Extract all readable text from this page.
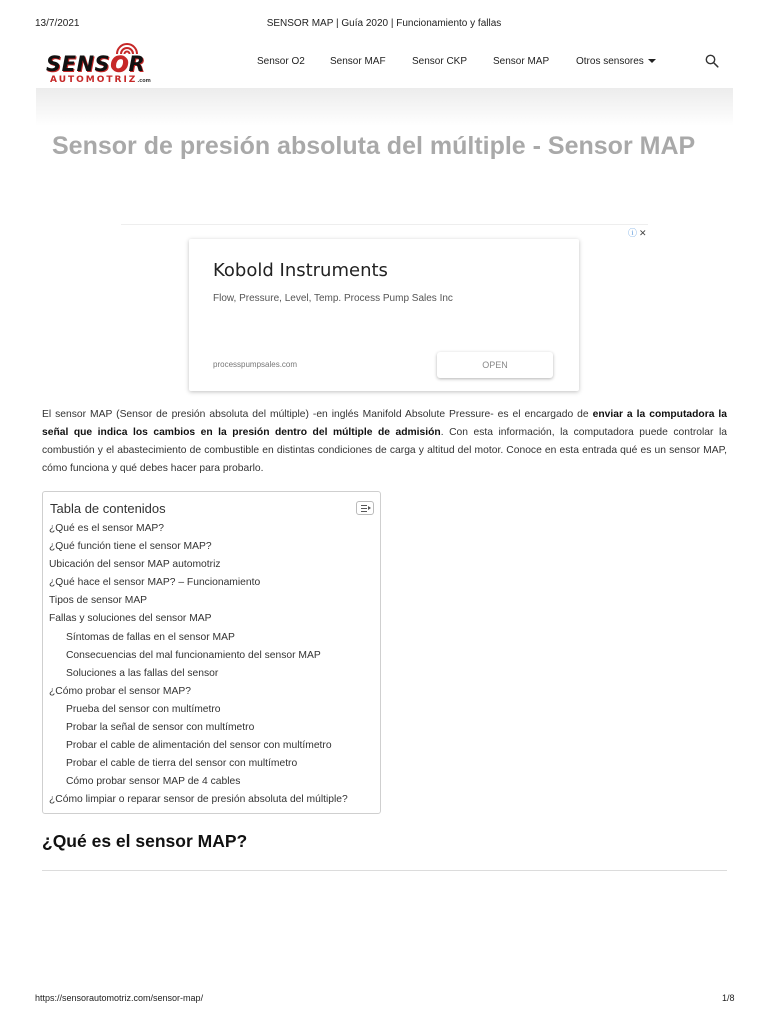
13/7/2021	SENSOR MAP | Guía 2020 | Funcionamiento y fallas
SENSOR
AUTOMOTRIZ.com
Sensor O2	Sensor MAF	Sensor CKP	Sensor MAP	Otros sensores
Sensor de presión absoluta del múltiple - Sensor MAP
ⓘ ✕
Kobold Instruments
Flow, Pressure, Level, Temp. Process Pump Sales Inc
processpumpsales.com	OPEN

El sensor MAP (Sensor de presión absoluta del múltiple) -en inglés Manifold Absolute Pressure- es el encargado de enviar a la computadora la señal que indica los cambios en la presión dentro del múltiple de admisión. Con esta información, la computadora puede controlar la combustión y el abastecimiento de combustible en distintas condiciones de carga y altitud del motor. Conoce en esta entrada qué es un sensor MAP, cómo funciona y qué debes hacer para probarlo.

Tabla de contenidos
¿Qué es el sensor MAP?
¿Qué función tiene el sensor MAP?
Ubicación del sensor MAP automotriz
¿Qué hace el sensor MAP? – Funcionamiento
Tipos de sensor MAP
Fallas y soluciones del sensor MAP
Síntomas de fallas en el sensor MAP
Consecuencias del mal funcionamiento del sensor MAP
Soluciones a las fallas del sensor
¿Cómo probar el sensor MAP?
Prueba del sensor con multímetro
Probar la señal de sensor con multímetro
Probar el cable de alimentación del sensor con multímetro
Probar el cable de tierra del sensor con multímetro
Cómo probar sensor MAP de 4 cables
¿Cómo limpiar o reparar sensor de presión absoluta del múltiple?
¿Qué es el sensor MAP?
https://sensorautomotriz.com/sensor-map/	1/8
